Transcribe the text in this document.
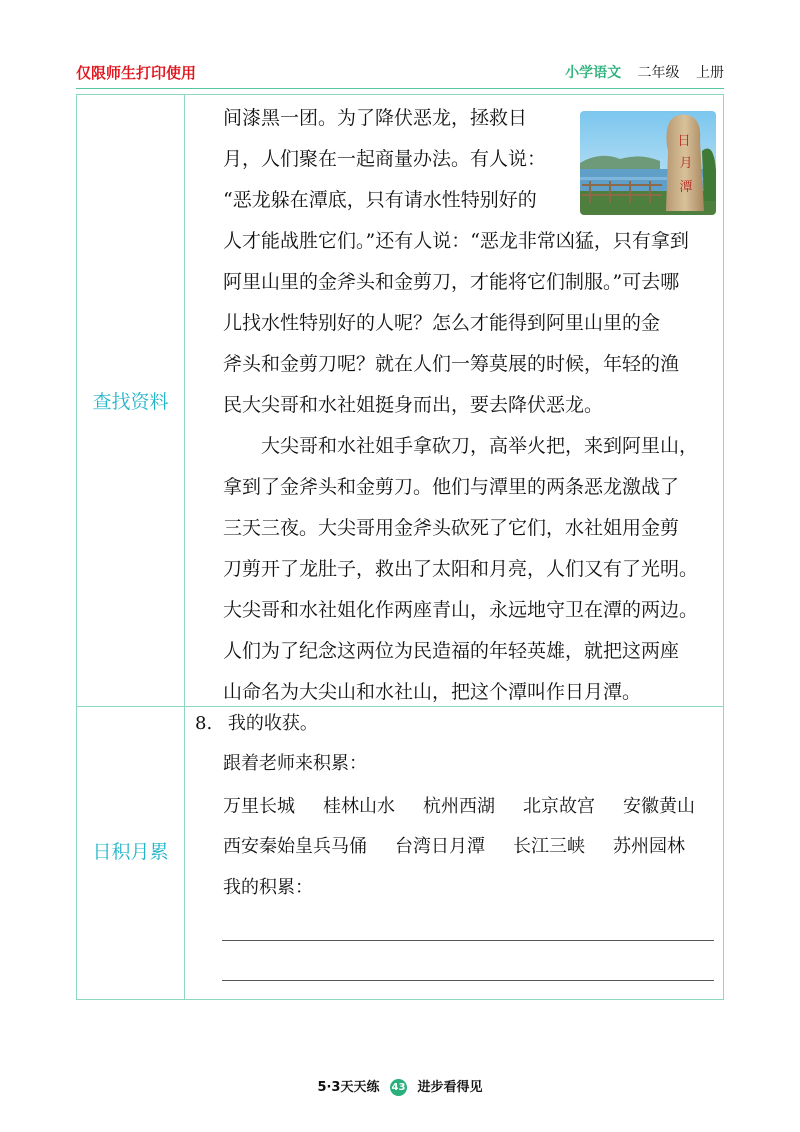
仅限师生打印使用	小学语文 二年级 上册
查找资料
日积月累
日
月
潭

间漆黑一团。为了降伏恶龙，拯救日
月，人们聚在一起商量办法。有人说：
“恶龙躲在潭底，只有请水性特别好的
人才能战胜它们。”还有人说：“恶龙非常凶猛，只有拿到
阿里山里的金斧头和金剪刀，才能将它们制服。”可去哪
儿找水性特别好的人呢？怎么才能得到阿里山里的金
斧头和金剪刀呢？就在人们一筹莫展的时候，年轻的渔
民大尖哥和水社姐挺身而出，要去降伏恶龙。

大尖哥和水社姐手拿砍刀，高举火把，来到阿里山，
拿到了金斧头和金剪刀。他们与潭里的两条恶龙激战了
三天三夜。大尖哥用金斧头砍死了它们，水社姐用金剪
刀剪开了龙肚子，救出了太阳和月亮，人们又有了光明。
大尖哥和水社姐化作两座青山，永远地守卫在潭的两边。
人们为了纪念这两位为民造福的年轻英雄，就把这两座
山命名为大尖山和水社山，把这个潭叫作日月潭。

8. 我的收获。
跟着老师来积累：
万里长城 桂林山水 杭州西湖 北京故宫 安徽黄山
西安秦始皇兵马俑 台湾日月潭 长江三峡 苏州园林
我的积累：
5·3天天练 43 进步看得见
